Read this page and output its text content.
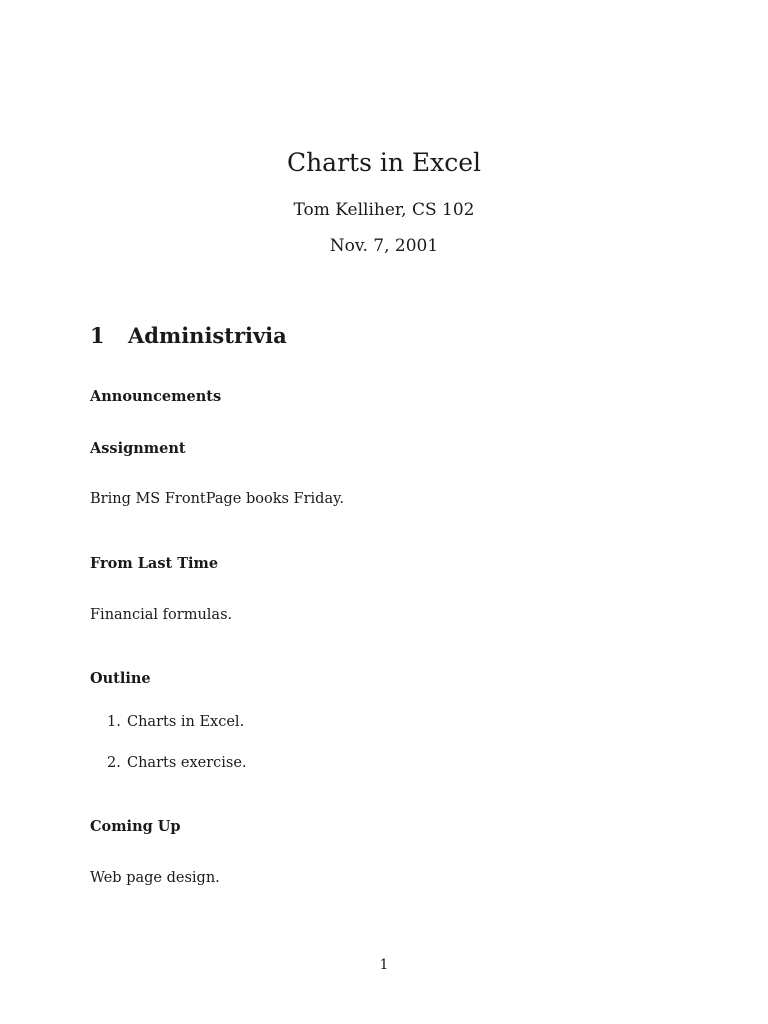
Charts in Excel
Tom Kelliher, CS 102
Nov. 7, 2001
1 Administrivia
Announcements
Assignment
Bring MS FrontPage books Friday.
From Last Time
Financial formulas.
Outline
1. Charts in Excel.
2. Charts exercise.
Coming Up
Web page design.
1
